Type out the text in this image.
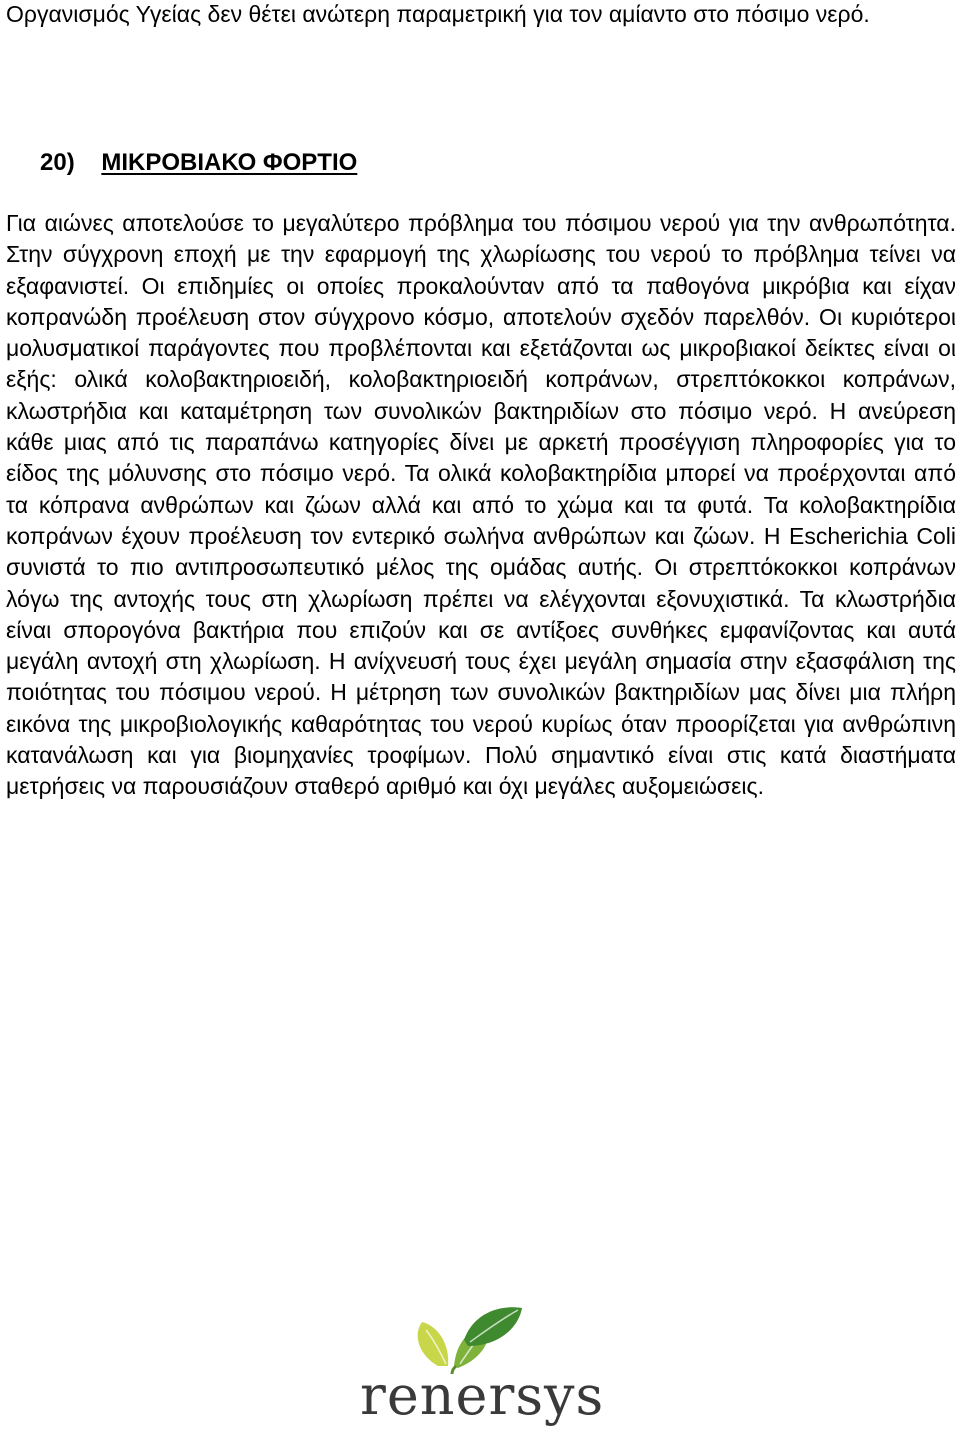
Οργανισμός Υγείας δεν θέτει ανώτερη παραμετρική για τον αμίαντο στο πόσιμο νερό.

20) ΜΙΚΡΟΒΙΑΚΟ ΦΟΡΤΙΟ

Για αιώνες αποτελούσε το μεγαλύτερο πρόβλημα του πόσιμου νερού για την ανθρωπότητα. Στην σύγχρονη εποχή με την εφαρμογή της χλωρίωσης του νερού το πρόβλημα τείνει να εξαφανιστεί. Οι επιδημίες οι οποίες προκαλούνταν από τα παθογόνα μικρόβια και είχαν κοπρανώδη προέλευση στον σύγχρονο κόσμο, αποτελούν σχεδόν παρελθόν. Οι κυριότεροι μολυσματικοί παράγοντες που προβλέπονται και εξετάζονται ως μικροβιακοί δείκτες είναι οι εξής: ολικά κολοβακτηριοειδή, κολοβακτηριοειδή κοπράνων, στρεπτόκοκκοι κοπράνων, κλωστρήδια και καταμέτρηση των συνολικών βακτηριδίων στο πόσιμο νερό. Η ανεύρεση κάθε μιας από τις παραπάνω κατηγορίες δίνει με αρκετή προσέγγιση πληροφορίες για το είδος της μόλυνσης στο πόσιμο νερό. Τα ολικά κολοβακτηρίδια μπορεί να προέρχονται από τα κόπρανα ανθρώπων και ζώων αλλά και από το χώμα και τα φυτά. Τα κολοβακτηρίδια κοπράνων έχουν προέλευση τον εντερικό σωλήνα ανθρώπων και ζώων. Η Escherichia Coli συνιστά το πιο αντιπροσωπευτικό μέλος της ομάδας αυτής. Οι στρεπτόκοκκοι κοπράνων λόγω της αντοχής τους στη χλωρίωση πρέπει να ελέγχονται εξονυχιστικά. Τα κλωστρήδια είναι σπορογόνα βακτήρια που επιζούν και σε αντίξοες συνθήκες εμφανίζοντας και αυτά μεγάλη αντοχή στη χλωρίωση. Η ανίχνευσή τους έχει μεγάλη σημασία στην εξασφάλιση της ποιότητας του πόσιμου νερού. Η μέτρηση των συνολικών βακτηριδίων μας δίνει μια πλήρη εικόνα της μικροβιολογικής καθαρότητας του νερού κυρίως όταν προορίζεται για ανθρώπινη κατανάλωση και για βιομηχανίες τροφίμων. Πολύ σημαντικό είναι στις κατά διαστήματα μετρήσεις να παρουσιάζουν σταθερό αριθμό και όχι μεγάλες αυξομειώσεις.

renersys
